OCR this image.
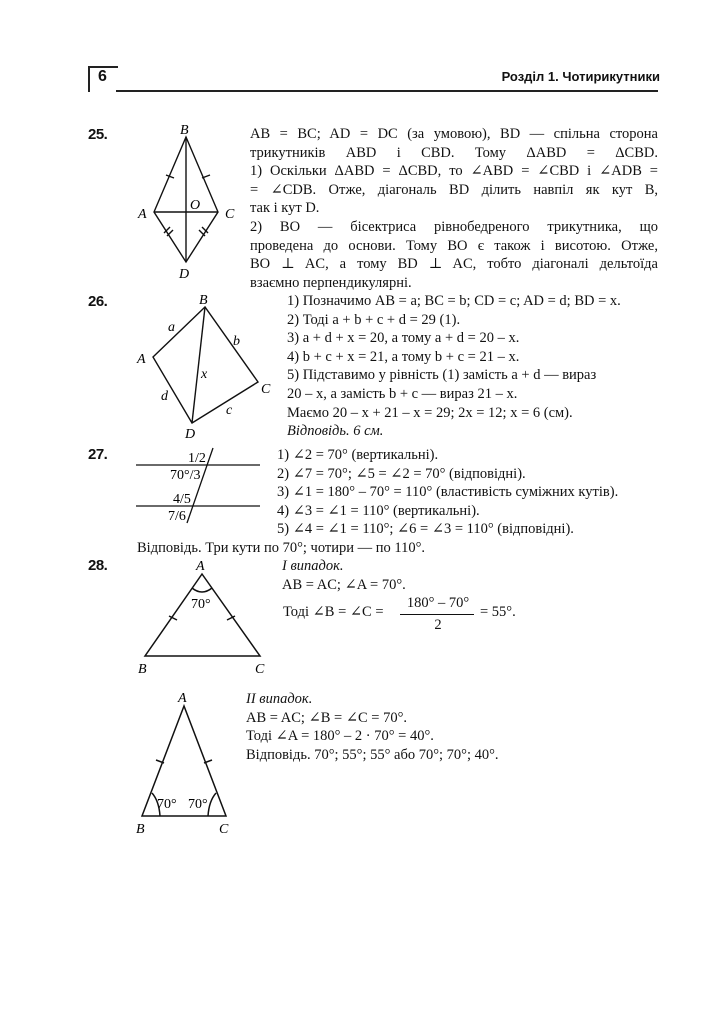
6	Розділ 1. Чотирикутники
25.	B
A
O
C
D
AB = BC; AD = DC (за умовою), BD — спільна сторона
трикутників ABD і CBD. Тому ΔABD = ΔCBD.
1) Оскільки ΔABD = ΔCBD, то ∠ABD = ∠CBD і ∠ADB =
= ∠CDB. Отже, діагональ BD ділить навпіл як кут B,
так і кут D.
2) BO — бісектриса рівнобедреного трикутника, що
проведена до основи. Тому BO є також і висотою. Отже,
BO ⊥ AC, а тому BD ⊥ AC, тобто діагоналі дельтоїда
взаємно перпендикулярні.
26.	B
A
C
D
a
b
c
d
x
1) Позначимо AB = a; BC = b; CD = c; AD = d; BD = x.
2) Тоді a + b + c + d = 29 (1).
3) a + d + x = 20, а тому a + d = 20 – x.
4) b + c + x = 21, а тому b + c = 21 – x.
5) Підставимо у рівність (1) замість a + d — вираз
20 – x, а замість b + c — вираз 21 – x.
Маємо 20 – x + 21 – x = 29; 2x = 12; x = 6 (см).
Відповідь. 6 см.
27.	1/2
70°/3
4/5
7/6
1) ∠2 = 70° (вертикальні).
2) ∠7 = 70°; ∠5 = ∠2 = 70° (відповідні).
3) ∠1 = 180° – 70° = 110° (властивість суміжних кутів).
4) ∠3 = ∠1 = 110° (вертикальні).
5) ∠4 = ∠1 = 110°; ∠6 = ∠3 = 110° (відповідні).
Відповідь. Три кути по 70°; чотири — по 110°.
28.	A
B	C
70°
I випадок.
AB = AC; ∠A = 70°.
Тоді ∠B = ∠C =
180° – 70°
2
= 55°.
A
B	C
70° 70°
II випадок.
AB = AC; ∠B = ∠C = 70°.
Тоді ∠A = 180° – 2 · 70° = 40°.
Відповідь. 70°; 55°; 55° або 70°; 70°; 40°.
